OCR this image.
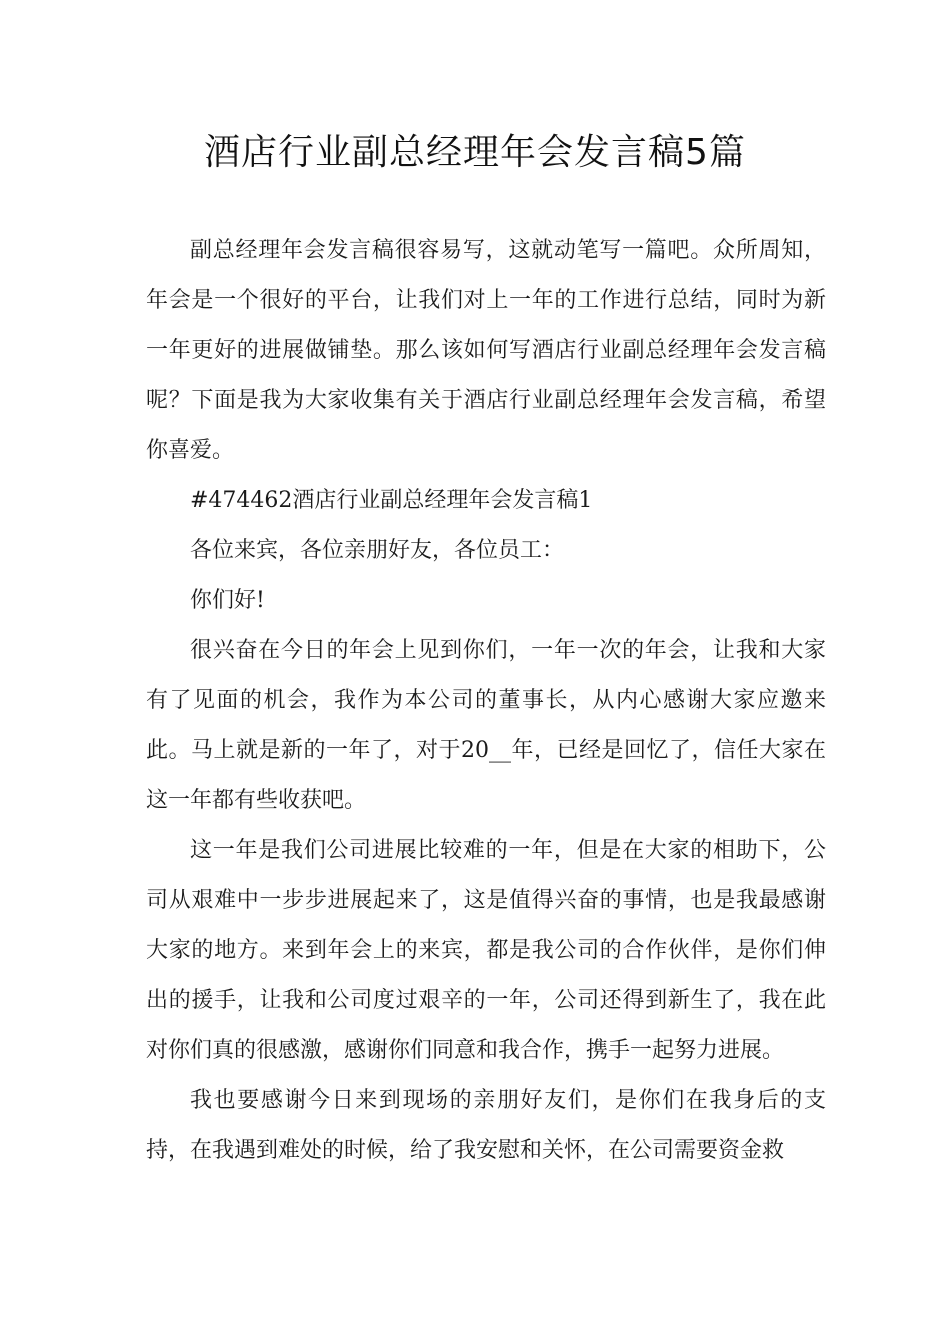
酒店行业副总经理年会发言稿5篇

副总经理年会发言稿很容易写，这就动笔写一篇吧。众所周知，年会是一个很好的平台，让我们对上一年的工作进行总结，同时为新一年更好的进展做铺垫。那么该如何写酒店行业副总经理年会发言稿呢？下面是我为大家收集有关于酒店行业副总经理年会发言稿，希望你喜爱。

#474462酒店行业副总经理年会发言稿1

各位来宾，各位亲朋好友，各位员工：

你们好!

很兴奋在今日的年会上见到你们，一年一次的年会，让我和大家有了见面的机会，我作为本公司的董事长，从内心感谢大家应邀来此。马上就是新的一年了，对于20__年，已经是回忆了，信任大家在这一年都有些收获吧。

这一年是我们公司进展比较难的一年，但是在大家的相助下，公司从艰难中一步步进展起来了，这是值得兴奋的事情，也是我最感谢大家的地方。来到年会上的来宾，都是我公司的合作伙伴，是你们伸出的援手，让我和公司度过艰辛的一年，公司还得到新生了，我在此对你们真的很感激，感谢你们同意和我合作，携手一起努力进展。

我也要感谢今日来到现场的亲朋好友们，是你们在我身后的支持，在我遇到难处的时候，给了我安慰和关怀，在公司需要资金救
